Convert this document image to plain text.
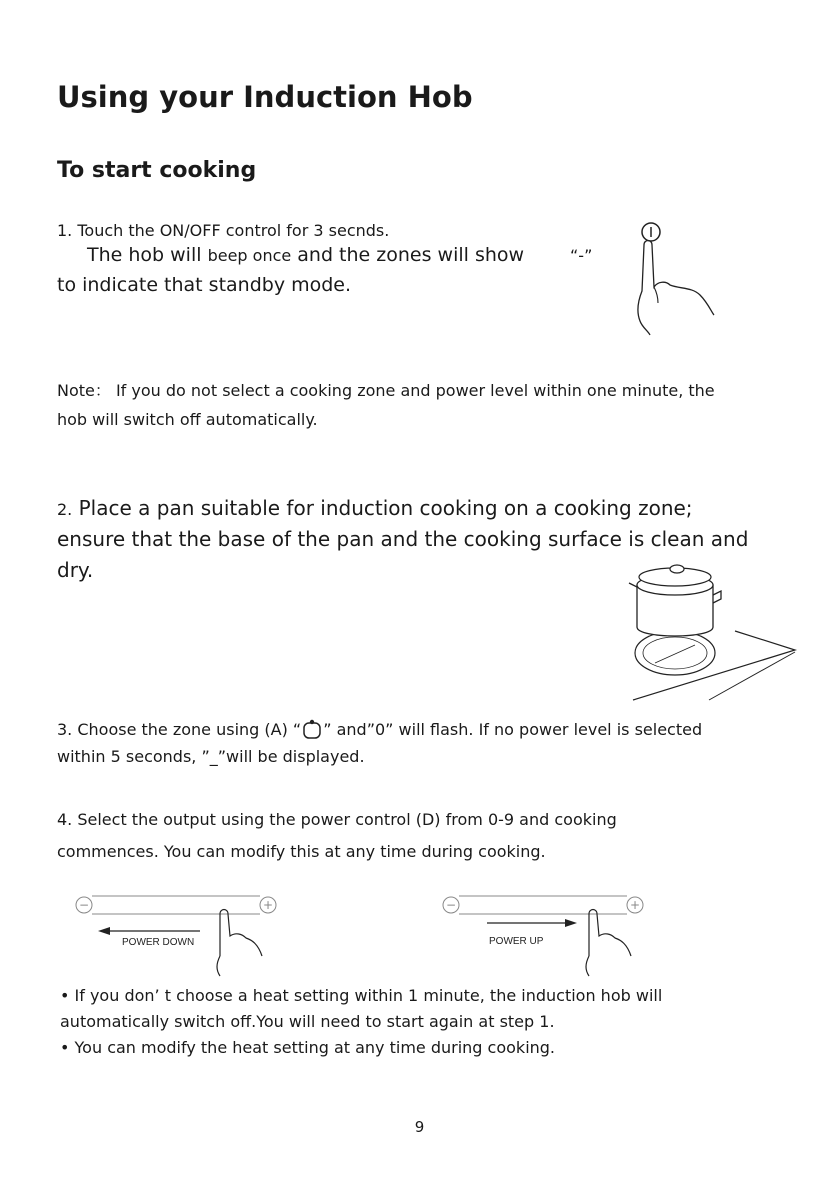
Using your Induction Hob
To start cooking
1. Touch the ON/OFF control for 3 secnds.
The hob will beep once and the zones will show	“-”
to indicate that standby mode.
Note： If you do not select a cooking zone and power level within one minute, the
hob will switch off automatically.
2. Place a pan suitable for induction cooking on a cooking zone;
ensure that the base of the pan and the cooking surface is clean and
dry.
3. Choose the zone using (A) “ ” and”0” will flash. If no power level is selected
within 5 seconds, ”_”will be displayed.
4. Select the output using the power control (D) from 0-9 and cooking
commences. You can modify this at any time during cooking.
−	+
POWER DOWN
−	+
POWER UP
• If you don’ t choose a heat setting within 1 minute, the induction hob will
automatically switch off.You will need to start again at step 1.
• You can modify the heat setting at any time during cooking.
9
